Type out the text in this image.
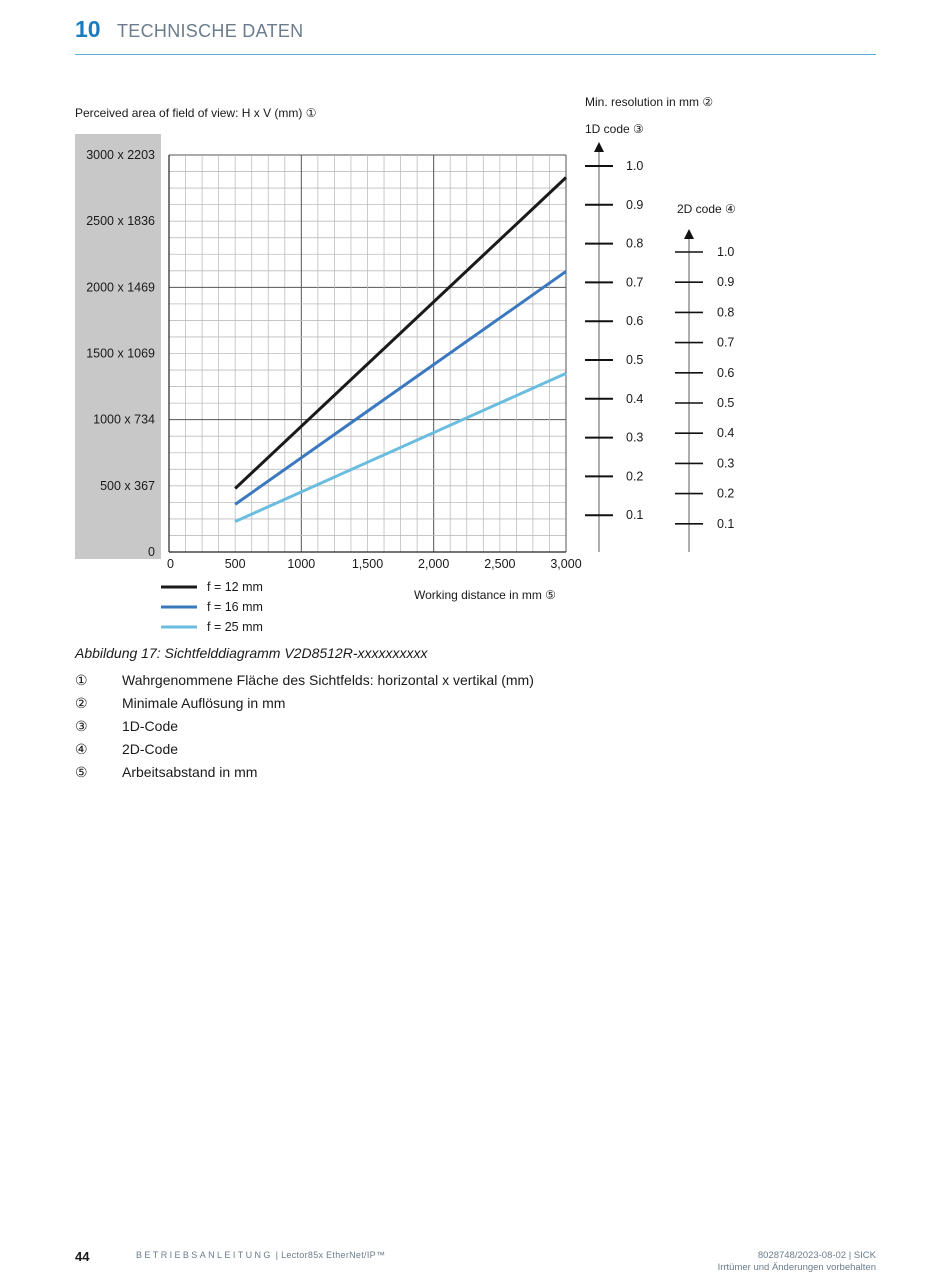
10 TECHNISCHE DATEN
Perceived area of field of view: H x V (mm) ①
0
500 x 367
1000 x 734
1500 x 1069
2000 x 1469
2500 x 1836
3000 x 2203
0	500	1000	1,500	2,000	2,500	3,000
Working distance in mm ⑤
f = 12 mm
f = 16 mm
f = 25 mm
Min. resolution in mm ②
1D code ③
1.0
0.9
0.8
0.7
0.6
0.5
0.4
0.3
0.2
0.1
2D code ④
1.0
0.9
0.8
0.7
0.6
0.5
0.4
0.3
0.2
0.1
Abbildung 17: Sichtfelddiagramm V2D8512R-xxxxxxxxxx
① Wahrgenommene Fläche des Sichtfelds: horizontal x vertikal (mm)
② Minimale Auflösung in mm
③ 1D-Code
④ 2D-Code
⑤ Arbeitsabstand in mm
44	BETRIEBSANLEITUNG | Lector85x EtherNet/IP™	8028748/2023-08-02 | SICK
Irrtümer und Änderungen vorbehalten
